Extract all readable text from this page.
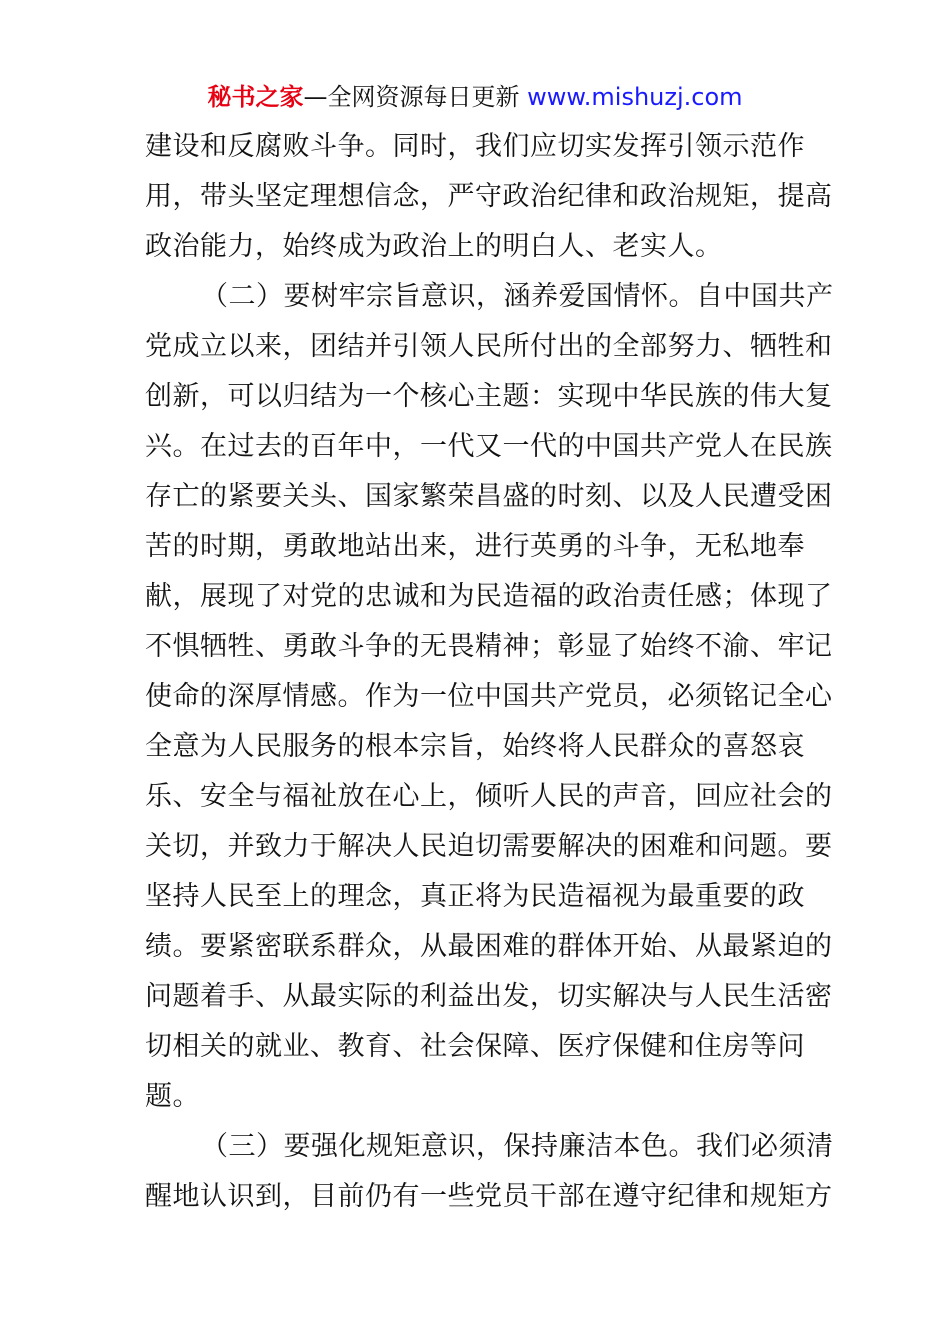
秘书之家—全网资源每日更新 www.mishuzj.com
建设和反腐败斗争。同时，我们应切实发挥引领示范作
用，带头坚定理想信念，严守政治纪律和政治规矩，提高
政治能力，始终成为政治上的明白人、老实人。
（二）要树牢宗旨意识，涵养爱国情怀。自中国共产
党成立以来，团结并引领人民所付出的全部努力、牺牲和
创新，可以归结为一个核心主题：实现中华民族的伟大复
兴。在过去的百年中，一代又一代的中国共产党人在民族
存亡的紧要关头、国家繁荣昌盛的时刻、以及人民遭受困
苦的时期，勇敢地站出来，进行英勇的斗争，无私地奉
献，展现了对党的忠诚和为民造福的政治责任感；体现了
不惧牺牲、勇敢斗争的无畏精神；彰显了始终不渝、牢记
使命的深厚情感。作为一位中国共产党员，必须铭记全心
全意为人民服务的根本宗旨，始终将人民群众的喜怒哀
乐、安全与福祉放在心上，倾听人民的声音，回应社会的
关切，并致力于解决人民迫切需要解决的困难和问题。要
坚持人民至上的理念，真正将为民造福视为最重要的政
绩。要紧密联系群众，从最困难的群体开始、从最紧迫的
问题着手、从最实际的利益出发，切实解决与人民生活密
切相关的就业、教育、社会保障、医疗保健和住房等问
题。
（三）要强化规矩意识，保持廉洁本色。我们必须清
醒地认识到，目前仍有一些党员干部在遵守纪律和规矩方
